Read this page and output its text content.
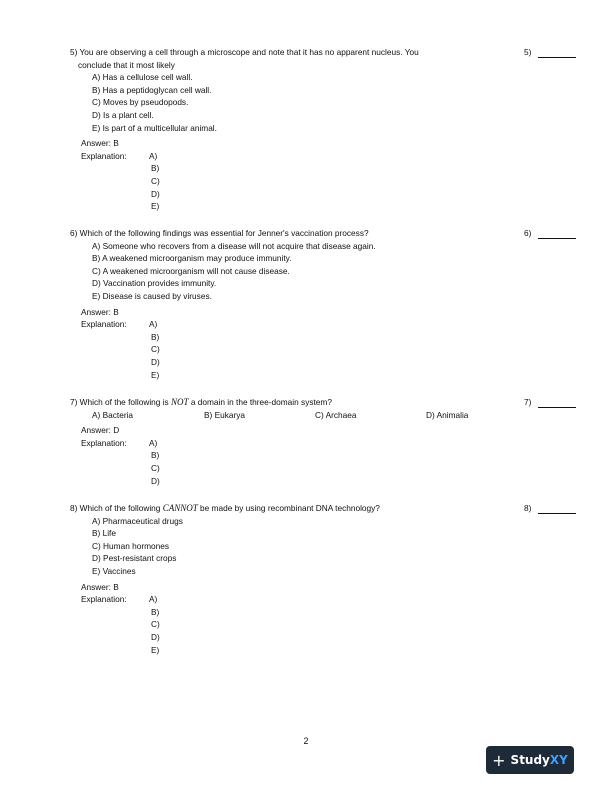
5) You are observing a cell through a microscope and note that it has no apparent nucleus. You	5)
conclude that it most likely
A) Has a cellulose cell wall.
B) Has a peptidoglycan cell wall.
C) Moves by pseudopods.
D) Is a plant cell.
E) Is part of a multicellular animal.
Answer: B
Explanation:	A)
B)
C)
D)
E)
6) Which of the following findings was essential for Jenner's vaccination process?	6)
A) Someone who recovers from a disease will not acquire that disease again.
B) A weakened microorganism may produce immunity.
C) A weakened microorganism will not cause disease.
D) Vaccination provides immunity.
E) Disease is caused by viruses.
Answer: B
Explanation:	A)
B)
C)
D)
E)
7) Which of the following is NOT a domain in the three-domain system?	7)
A) Bacteria	B) Eukarya	C) Archaea	D) Animalia
Answer: D
Explanation:	A)
B)
C)
D)
8) Which of the following CANNOT be made by using recombinant DNA technology?	8)
A) Pharmaceutical drugs
B) Life
C) Human hormones
D) Pest-resistant crops
E) Vaccines
Answer: B
Explanation:	A)
B)
C)
D)
E)
2
+ Study XY
